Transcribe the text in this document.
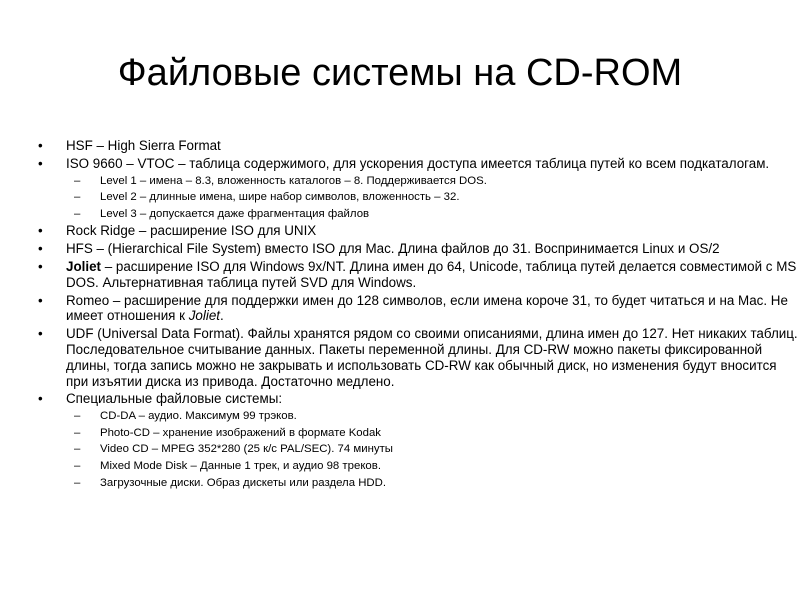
Файловые системы на CD-ROM
• HSF – High Sierra Format
• ISO 9660 – VTOC – таблица содержимого, для ускорения доступа имеется таблица путей ко всем подкаталогам.
– Level 1 – имена – 8.3, вложенность каталогов – 8. Поддерживается DOS.
– Level 2 – длинные имена, шире набор символов, вложенность – 32.
– Level 3 – допускается даже фрагментация файлов
• Rock Ridge – расширение ISO для UNIX
• HFS – (Hierarchical File System) вместо ISO для Mac. Длина файлов до 31. Воспринимается Linux и OS/2
• Joliet – расширение ISO для Windows 9x/NT. Длина имен до 64, Unicode, таблица путей делается совместимой с MS DOS. Альтернативная таблица путей SVD для Windows.
• Romeo – расширение для поддержки имен до 128 символов, если имена короче 31, то будет читаться и на Mac. Не имеет отношения к Joliet.
• UDF (Universal Data Format). Файлы хранятся рядом со своими описаниями, длина имен до 127. Нет никаких таблиц. Последовательное считывание данных. Пакеты переменной длины. Для CD-RW можно пакеты фиксированной длины, тогда запись можно не закрывать и использовать CD-RW как обычный диск, но изменения будут вносится при изъятии диска из привода. Достаточно медлено.
• Специальные файловые системы:
– CD-DA – аудио. Максимум 99 трэков.
– Photo-CD – хранение изображений в формате Kodak
– Video CD – MPEG 352*280 (25 к/c PAL/SEC). 74 минуты
– Mixed Mode Disk – Данные 1 трек, и аудио 98 треков.
– Загрузочные диски. Образ дискеты или раздела HDD.
